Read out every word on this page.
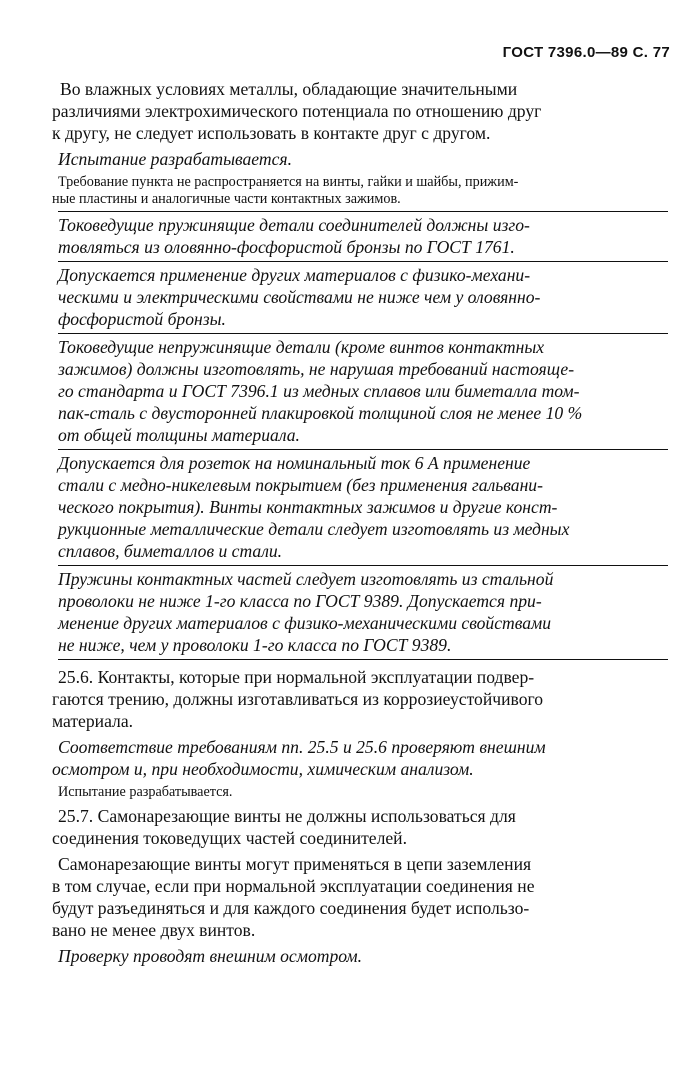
ГОСТ 7396.0—89 С. 77

Во влажных условиях металлы, обладающие значительными
различиями электрохимического потенциала по отношению друг
к другу, не следует использовать в контакте друг с другом.

Испытание разрабатывается.

Требование пункта не распространяется на винты, гайки и шайбы, прижим-
ные пластины и аналогичные части контактных зажимов.

Токоведущие пружинящие детали соединителей должны изго-
товляться из оловянно-фосфористой бронзы по ГОСТ 1761.
Допускается применение других материалов с физико-механи-
ческими и электрическими свойствами не ниже чем у оловянно-
фосфористой бронзы.
Токоведущие непружинящие детали (кроме винтов контактных
зажимов) должны изготовлять, не нарушая требований настояще-
го стандарта и ГОСТ 7396.1 из медных сплавов или биметалла том-
пак-сталь с двусторонней плакировкой толщиной слоя не менее 10 %
от общей толщины материала.
Допускается для розеток на номинальный ток 6 А применение
стали с медно-никелевым покрытием (без применения гальвани-
ческого покрытия). Винты контактных зажимов и другие конст-
рукционные металлические детали следует изготовлять из медных
сплавов, биметаллов и стали.
Пружины контактных частей следует изготовлять из стальной
проволоки не ниже 1-го класса по ГОСТ 9389. Допускается при-
менение других материалов с физико-механическими свойствами
не ниже, чем у проволоки 1-го класса по ГОСТ 9389.

25.6. Контакты, которые при нормальной эксплуатации подвер-
гаются трению, должны изготавливаться из коррозиеустойчивого
материала.

Соответствие требованиям пп. 25.5 и 25.6 проверяют внешним
осмотром и, при необходимости, химическим анализом.

Испытание разрабатывается.

25.7. Самонарезающие винты не должны использоваться для
соединения токоведущих частей соединителей.

Самонарезающие винты могут применяться в цепи заземления
в том случае, если при нормальной эксплуатации соединения не
будут разъединяться и для каждого соединения будет использо-
вано не менее двух винтов.

Проверку проводят внешним осмотром.
